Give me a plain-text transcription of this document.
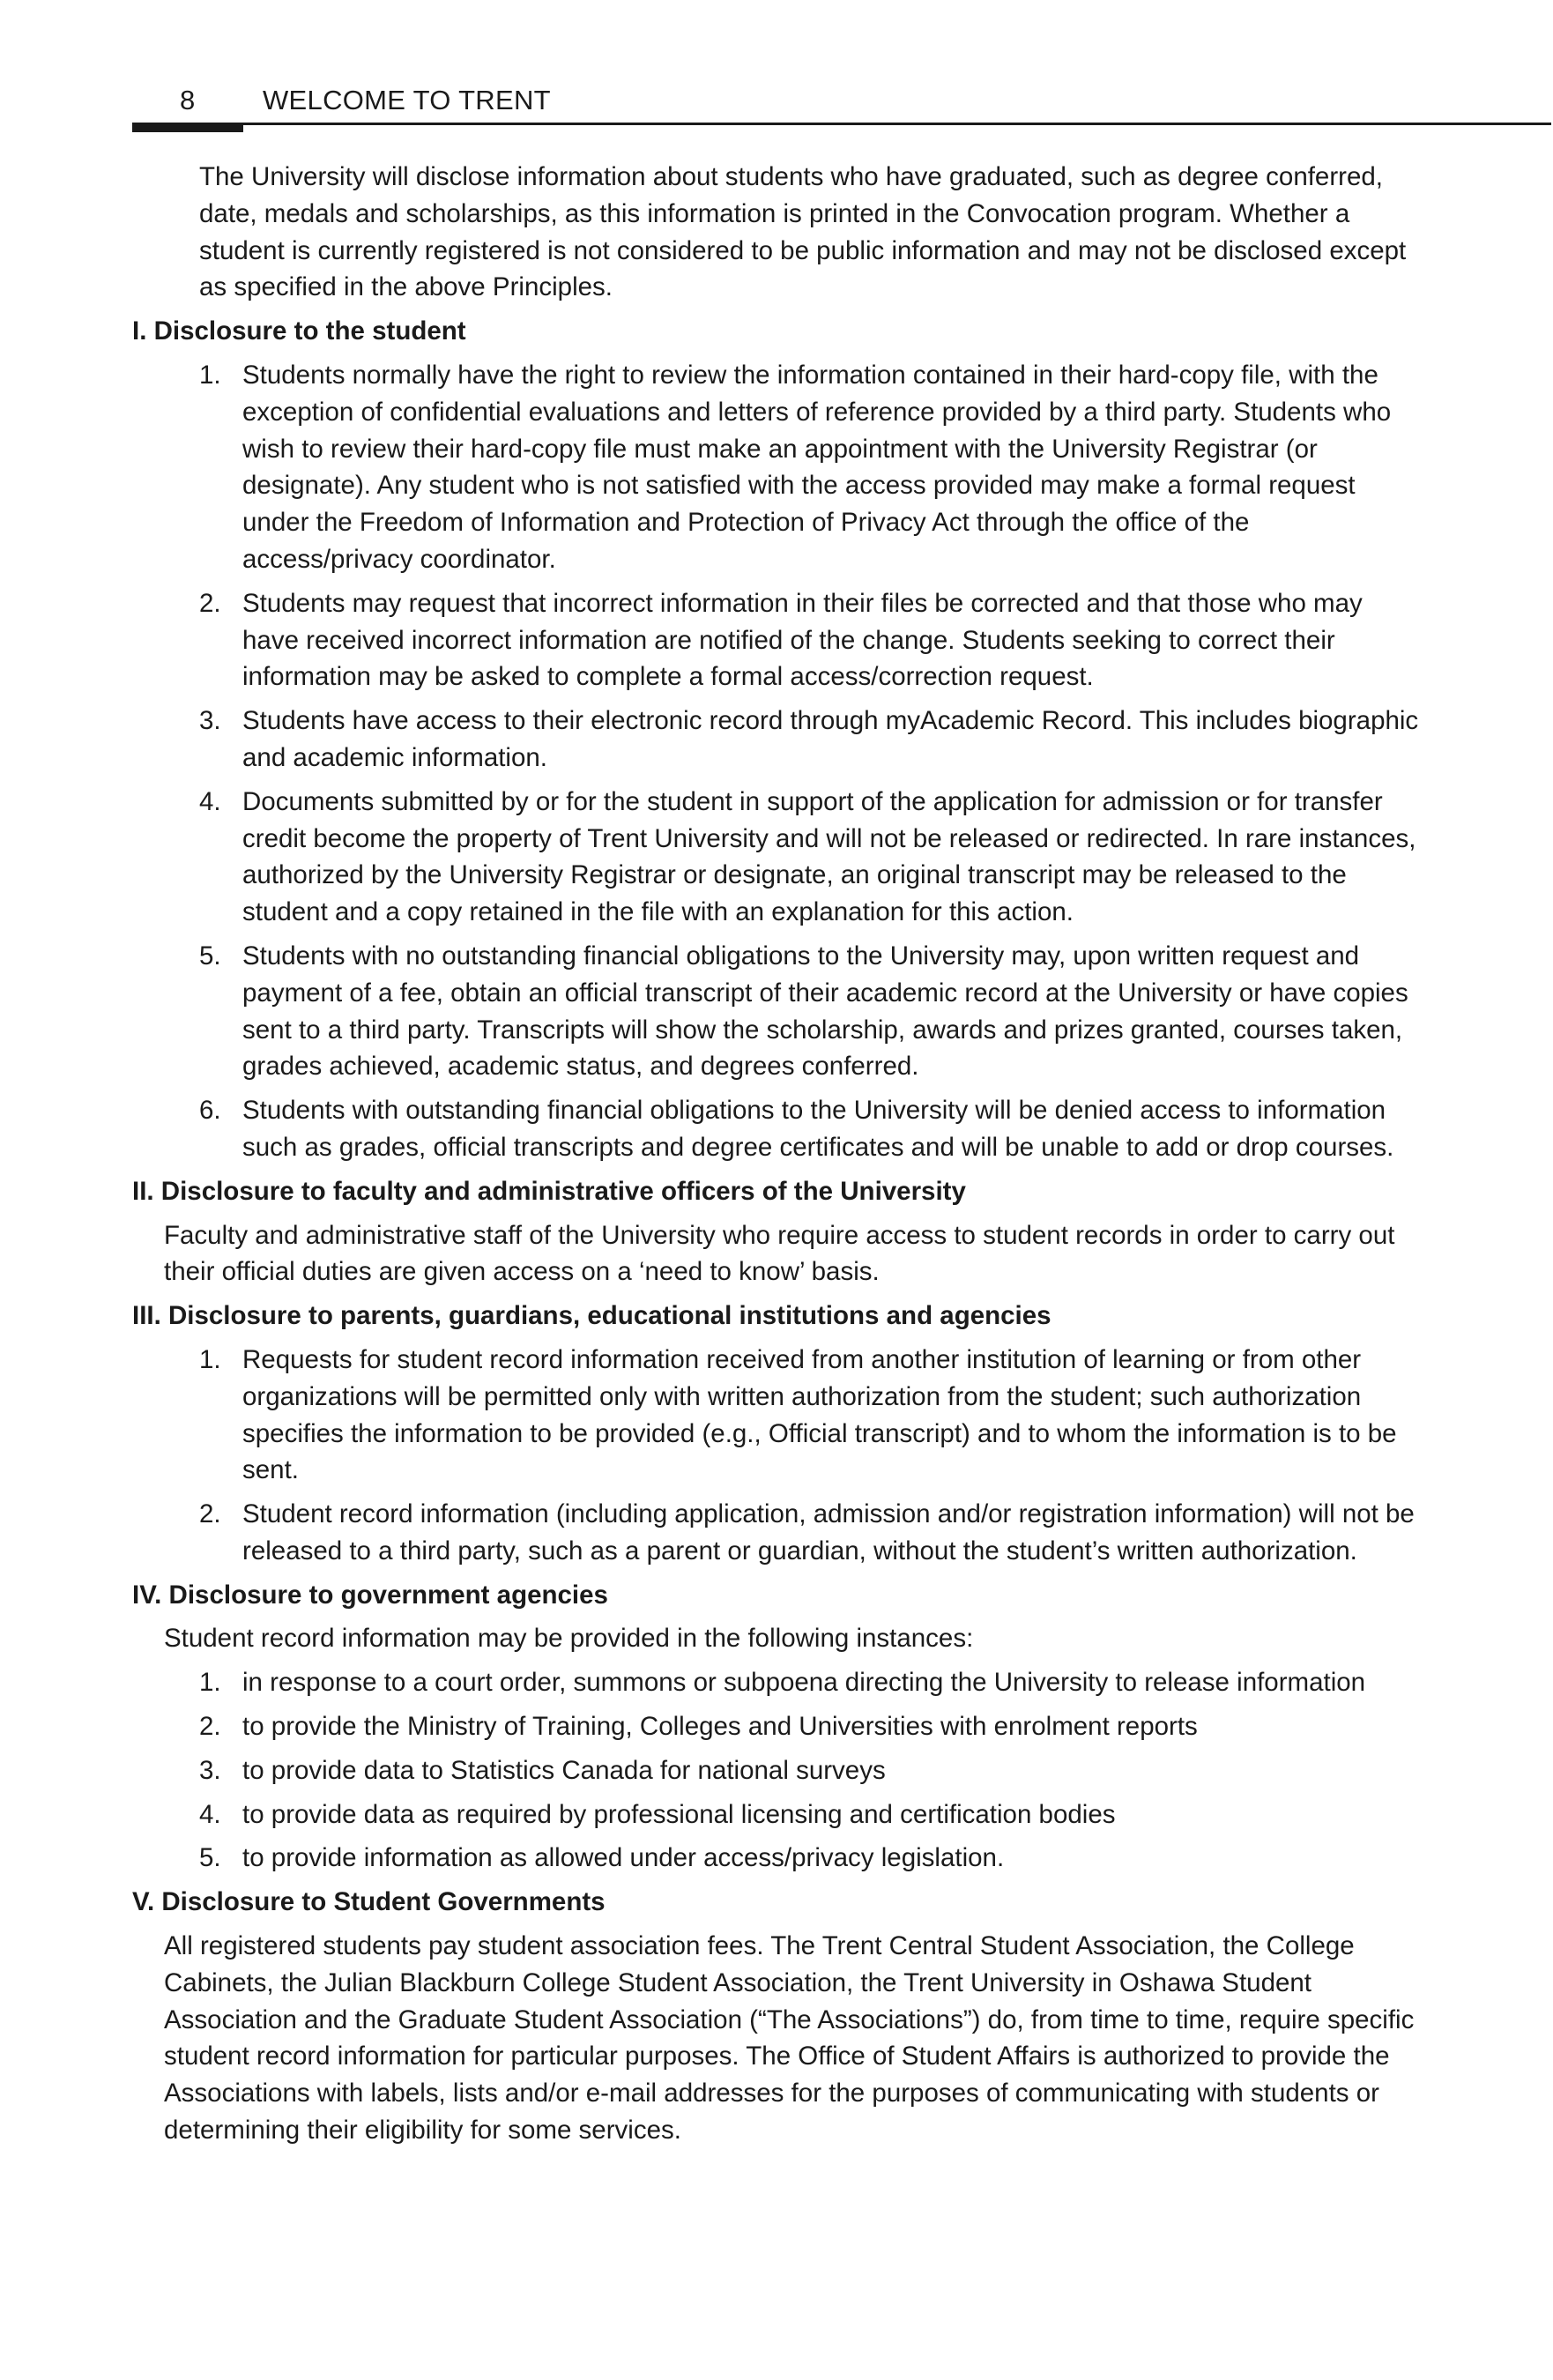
8 WELCOME TO TRENT

The University will disclose information about students who have graduated, such as degree conferred, date, medals and scholarships, as this information is printed in the Convocation program. Whether a student is currently registered is not considered to be public information and may not be disclosed except as specified in the above Principles.

I. Disclosure to the student
1. Students normally have the right to review the information contained in their hard-copy file, with the exception of confidential evaluations and letters of reference provided by a third party. Students who wish to review their hard-copy file must make an appointment with the University Registrar (or designate). Any student who is not satisfied with the access provided may make a formal request under the Freedom of Information and Protection of Privacy Act through the office of the access/privacy coordinator.
2. Students may request that incorrect information in their files be corrected and that those who may have received incorrect information are notified of the change. Students seeking to correct their information may be asked to complete a formal access/correction request.
3. Students have access to their electronic record through myAcademic Record. This includes biographic and academic information.
4. Documents submitted by or for the student in support of the application for admission or for transfer credit become the property of Trent University and will not be released or redirected. In rare instances, authorized by the University Registrar or designate, an original transcript may be released to the student and a copy retained in the file with an explanation for this action.
5. Students with no outstanding financial obligations to the University may, upon written request and payment of a fee, obtain an official transcript of their academic record at the University or have copies sent to a third party. Transcripts will show the scholarship, awards and prizes granted, courses taken, grades achieved, academic status, and degrees conferred.
6. Students with outstanding financial obligations to the University will be denied access to information such as grades, official transcripts and degree certificates and will be unable to add or drop courses.
II. Disclosure to faculty and administrative officers of the University

Faculty and administrative staff of the University who require access to student records in order to carry out their official duties are given access on a ‘need to know’ basis.

III. Disclosure to parents, guardians, educational institutions and agencies
1. Requests for student record information received from another institution of learning or from other organizations will be permitted only with written authorization from the student; such authorization specifies the information to be provided (e.g., Official transcript) and to whom the information is to be sent.
2. Student record information (including application, admission and/or registration information) will not be released to a third party, such as a parent or guardian, without the student’s written authorization.
IV. Disclosure to government agencies

Student record information may be provided in the following instances:

1. in response to a court order, summons or subpoena directing the University to release information
2. to provide the Ministry of Training, Colleges and Universities with enrolment reports
3. to provide data to Statistics Canada for national surveys
4. to provide data as required by professional licensing and certification bodies
5. to provide information as allowed under access/privacy legislation.
V. Disclosure to Student Governments

All registered students pay student association fees. The Trent Central Student Association, the College Cabinets, the Julian Blackburn College Student Association, the Trent University in Oshawa Student Association and the Graduate Student Association (“The Associations”) do, from time to time, require specific student record information for particular purposes. The Office of Student Affairs is authorized to provide the Associations with labels, lists and/or e-mail addresses for the purposes of communicating with students or determining their eligibility for some services.
